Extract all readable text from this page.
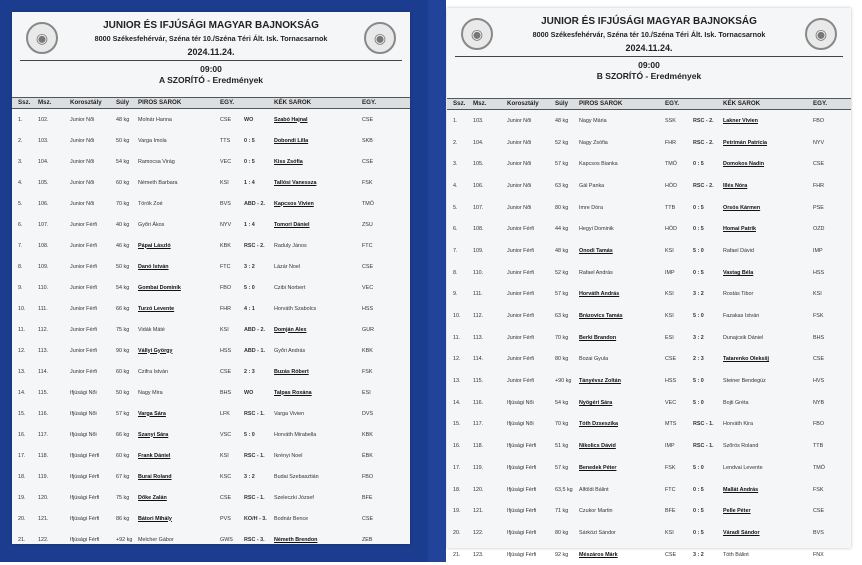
◉	◉
JUNIOR ÉS IFJÚSÁGI MAGYAR BAJNOKSÁG
8000 Székesfehérvár, Széna tér 10./Széna Téri Ált. Isk. Tornacsarnok
2024.11.24.
09:00
A SZORÍTÓ - Eredmények
Ssz. Msz.	Korosztály Súly PIROS SAROK	EGY.	KÉK SAROK	EGY.
1.	102.	Junior Női	48 kg Molnár Hanna	CSE WO	Szabó Hajnal	CSE
2.	103.	Junior Női	50 kg Varga Imola	TTS	0 : 5	Dobondi Lilla	SKB
3.	104.	Junior Női	54 kg Ramocsa Virág	VEC 0 : 5	Kiss Zsófia	CSE
4.	105.	Junior Női	60 kg Németh Barbara	KSI	1 : 4	Tallósi Vanessza	FSK
5.	106.	Junior Női	70 kg Török Zoé	BVS ABD - 2. Kapcsos Vivien	TMÖ
6.	107.	Junior Férfi	40 kg Győri Ákos	NYV 1 : 4	Tomori Dániel	ZSU
7.	108.	Junior Férfi	46 kg Pápai László	KBK RSC - 2. Raduly János	FTC
8.	109.	Junior Férfi	50 kg Danó István	FTC	3 : 2	Lázár Noel	CSE
9.	110.	Junior Férfi	54 kg Gombai Dominik	FBO 5 : 0	Czibi Norbert	VEC
10. 111.	Junior Férfi	66 kg Turzó Levente	FHR 4 : 1	Horváth Szabolcs	HSS
11. 112.	Junior Férfi	75 kg Vidák Máté	KSI	ABD - 2. Domján Alex	GUR
12. 113.	Junior Férfi	90 kg Vállyi György	HSS ABD - 1. Győri András	KBK
13. 114.	Junior Férfi	60 kg Czifra István	CSE 2 : 3	Buzás Róbert	FSK
14. 115.	Ifjúsági Női	50 kg Nagy Mira	BHS WO	Talpas Roxána	ESI
15. 116.	Ifjúsági Női	57 kg Varga Sára	LFK	RSC - 1. Varga Vivien	DVS
16. 117.	Ifjúsági Női	66 kg Szanyi Sára	VSC 5 : 0	Horváth Mirabella	KBK
17. 118.	Ifjúsági Férfi	60 kg Frank Dániel	KSI	RSC - 1. Ikrényi Noel	ÉBK
18. 119.	Ifjúsági Férfi	67 kg Burai Roland	KSC 3 : 2	Budai Szebasztián	FBO
19. 120.	Ifjúsági Férfi	75 kg Dőke Zalán	CSE RSC - 1. Szeleczki József	BFE
20. 121.	Ifjúsági Férfi	86 kg Bátori Mihály	PVS KO/H - 3. Bodnár Bence	CSE
21. 122.	Ifjúsági Férfi	+92 kg Melcher Gábor	GWS RSC - 3. Németh Brendon	ZEB
◉	◉
JUNIOR ÉS IFJÚSÁGI MAGYAR BAJNOKSÁG
8000 Székesfehérvár, Széna tér 10./Széna Téri Ált. Isk. Tornacsarnok
2024.11.24.
09:00
B SZORÍTÓ - Eredmények
Ssz. Msz.	Korosztály	Súly PIROS SAROK	EGY.	KÉK SAROK	EGY.
1.	103.	Junior Női	48 kg Nagy Mária	SSK	RSC - 2. Lakner Vivien	FBO
2.	104.	Junior Női	52 kg Nagy Zsófia	FHR	RSC - 2. Petrimán Patrícia	NYV
3.	105.	Junior Női	57 kg Kapcsos Bianka	TMÖ	0 : 5	Domokos Nadin	CSE
4.	106.	Junior Női	63 kg Gál Panka	HÓD	RSC - 2. Illés Nóra	FHR
5.	107.	Junior Női	80 kg Imre Dóra	TTB	0 : 5	Orsós Kármen	PSE
6.	108.	Junior Férfi	44 kg Hegyi Dominik	HÓD	0 : 5	Homai Patrik	OZD
7.	109.	Junior Férfi	48 kg Onodi Tamás	KSI	5 : 0	Rafael Dávid	IMP
8.	110.	Junior Férfi	52 kg Rafael András	IMP	0 : 5	Vastag Béla	HSS
9.	111.	Junior Férfi	57 kg Horváth András	KSI	3 : 2	Rostás Tibor	KSI
10. 112.	Junior Férfi	63 kg Brázovics Tamás	KSI	5 : 0	Fazakas István	FSK
11. 113.	Junior Férfi	70 kg Berki Brandon	ESI	3 : 2	Dunajcsik Dániel	BHS
12. 114.	Junior Férfi	80 kg Bozai Gyula	CSE	2 : 3	Tatarenko Oleksiij	CSE
13. 115.	Junior Férfi	+90 kg Tányévsz Zoltán	HSS	5 : 0	Steiner Bendegúz	HVS
14. 116.	Ifjúsági Női	54 kg Nyögéri Sára	VEC	5 : 0	Bojti Gréta	NYB
15. 117.	Ifjúsági Női	70 kg Tóth Dzseszika	MTS	RSC - 1. Horváth Kira	FBO
16. 118.	Ifjúsági Férfi	51 kg Nikolics Dávid	IMP	RSC - 1. Szőrös Roland	TTB
17. 119.	Ifjúsági Férfi	57 kg Benedek Péter	FSK	5 : 0	Lendvai Levente	TMÖ
18. 120.	Ifjúsági Férfi	63,5 kg Alföldi Bálint	FTC	0 : 5	Mallát András	FSK
19. 121.	Ifjúsági Férfi	71 kg Czukor Martin	BFE	0 : 5	Pelle Péter	CSE
20. 122.	Ifjúsági Férfi	80 kg Sárközi Sándor	KSI	0 : 5	Váradi Sándor	BVS
21. 123.	Ifjúsági Férfi	92 kg Mészáros Márk	CSE	3 : 2	Tóth Bálint	FNX
